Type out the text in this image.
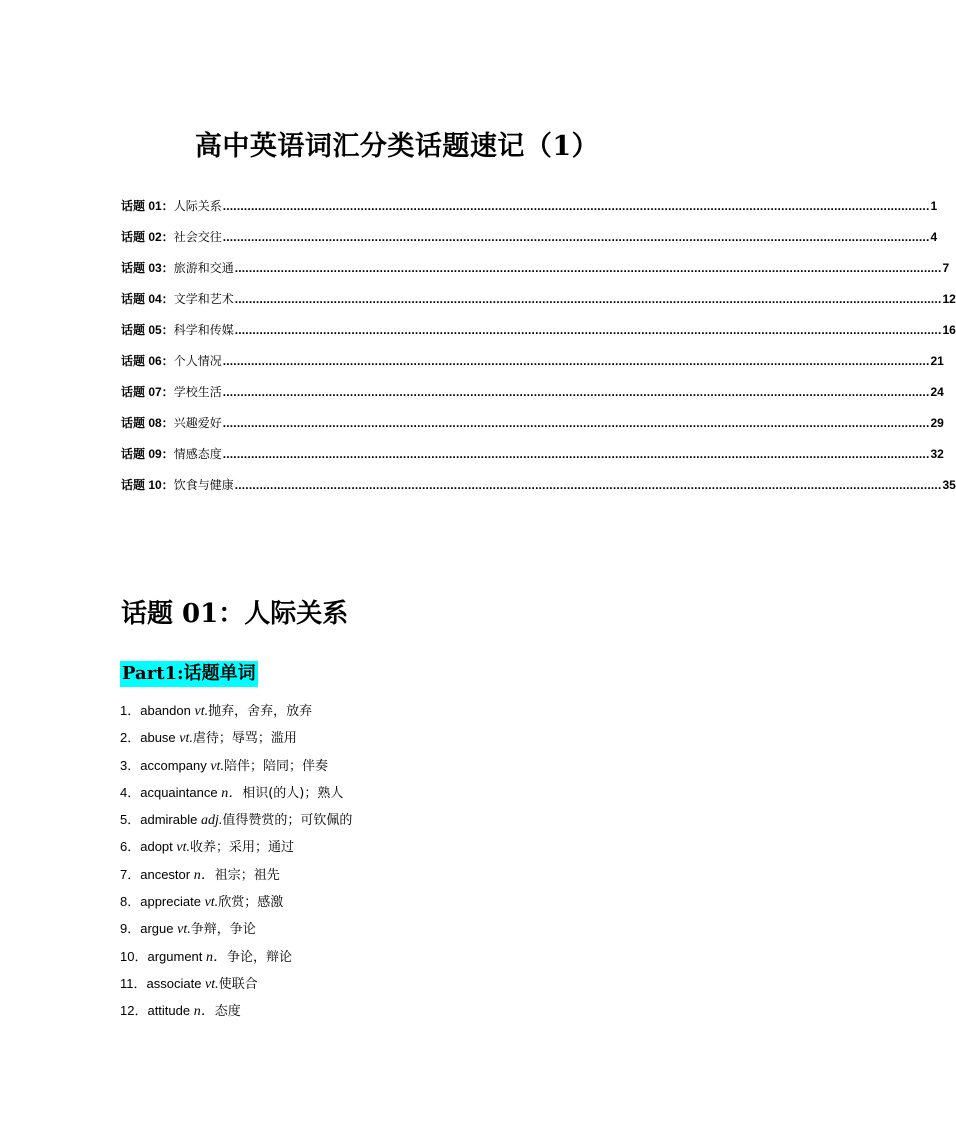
高中英语词汇分类话题速记（1）
话题 01： 人际关系 ........................................................................................................................................................................................................ 1
话题 02： 社会交往 ........................................................................................................................................................................................................ 4
话题 03： 旅游和交通 ........................................................................................................................................................................................................ 7
话题 04： 文学和艺术 ........................................................................................................................................................................................................ 12
话题 05： 科学和传媒 ........................................................................................................................................................................................................ 16
话题 06： 个人情况 ........................................................................................................................................................................................................ 21
话题 07： 学校生活 ........................................................................................................................................................................................................ 24
话题 08： 兴趣爱好 ........................................................................................................................................................................................................ 29
话题 09： 情感态度 ........................................................................................................................................................................................................ 32
话题 10： 饮食与健康 ........................................................................................................................................................................................................ 35
话题 01：人际关系
Part1:话题单词
1．abandon vt.抛弃，舍弃，放弃
2．abuse vt.虐待；辱骂；滥用
3．accompany vt.陪伴；陪同；伴奏
4．acquaintance n．相识(的人)；熟人
5．admirable adj.值得赞赏的；可钦佩的
6．adopt vt.收养；采用；通过
7．ancestor n．祖宗；祖先
8．appreciate vt.欣赏；感激
9．argue vt.争辩，争论
10．argument n．争论，辩论
11．associate vt.使联合
12．attitude n．态度
